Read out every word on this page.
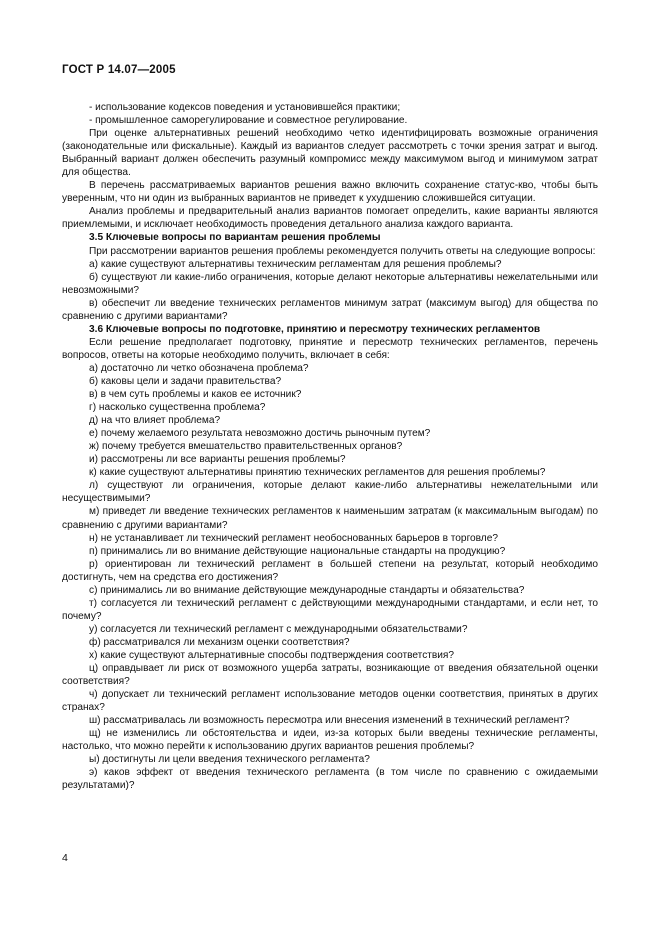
ГОСТ Р 14.07—2005

- использование кодексов поведения и установившейся практики;

- промышленное саморегулирование и совместное регулирование.

При оценке альтернативных решений необходимо четко идентифицировать возможные ограничения (законодательные или фискальные). Каждый из вариантов следует рассмотреть с точки зрения затрат и выгод. Выбранный вариант должен обеспечить разумный компромисс между максимумом выгод и минимумом затрат для общества.

В перечень рассматриваемых вариантов решения важно включить сохранение статус-кво, чтобы быть уверенным, что ни один из выбранных вариантов не приведет к ухудшению сложившейся ситуации.

Анализ проблемы и предварительный анализ вариантов помогает определить, какие варианты являются приемлемыми, и исключает необходимость проведения детального анализа каждого варианта.

3.5 Ключевые вопросы по вариантам решения проблемы

При рассмотрении вариантов решения проблемы рекомендуется получить ответы на следующие вопросы:

а) какие существуют альтернативы техническим регламентам для решения проблемы?

б) существуют ли какие-либо ограничения, которые делают некоторые альтернативы нежелательными или невозможными?

в) обеспечит ли введение технических регламентов минимум затрат (максимум выгод) для общества по сравнению с другими вариантами?

3.6 Ключевые вопросы по подготовке, принятию и пересмотру технических регламентов

Если решение предполагает подготовку, принятие и пересмотр технических регламентов, перечень вопросов, ответы на которые необходимо получить, включает в себя:

а) достаточно ли четко обозначена проблема?

б) каковы цели и задачи правительства?

в) в чем суть проблемы и каков ее источник?

г) насколько существенна проблема?

д) на что влияет проблема?

е) почему желаемого результата невозможно достичь рыночным путем?

ж) почему требуется вмешательство правительственных органов?

и) рассмотрены ли все варианты решения проблемы?

к) какие существуют альтернативы принятию технических регламентов для решения проблемы?

л) существуют ли ограничения, которые делают какие-либо альтернативы нежелательными или несуществимыми?

м) приведет ли введение технических регламентов к наименьшим затратам (к максимальным выгодам) по сравнению с другими вариантами?

н) не устанавливает ли технический регламент необоснованных барьеров в торговле?

п) принимались ли во внимание действующие национальные стандарты на продукцию?

р) ориентирован ли технический регламент в большей степени на результат, который необходимо достигнуть, чем на средства его достижения?

с) принимались ли во внимание действующие международные стандарты и обязательства?

т) согласуется ли технический регламент с действующими международными стандартами, и если нет, то почему?

у) согласуется ли технический регламент с международными обязательствами?

ф) рассматривался ли механизм оценки соответствия?

х) какие существуют альтернативные способы подтверждения соответствия?

ц) оправдывает ли риск от возможного ущерба затраты, возникающие от введения обязательной оценки соответствия?

ч) допускает ли технический регламент использование методов оценки соответствия, принятых в других странах?

ш) рассматривалась ли возможность пересмотра или внесения изменений в технический регламент?

щ) не изменились ли обстоятельства и идеи, из-за которых были введены технические регламенты, настолько, что можно перейти к использованию других вариантов решения проблемы?

ы) достигнуты ли цели введения технического регламента?

э) каков эффект от введения технического регламента (в том числе по сравнению с ожидаемыми результатами)?

4
